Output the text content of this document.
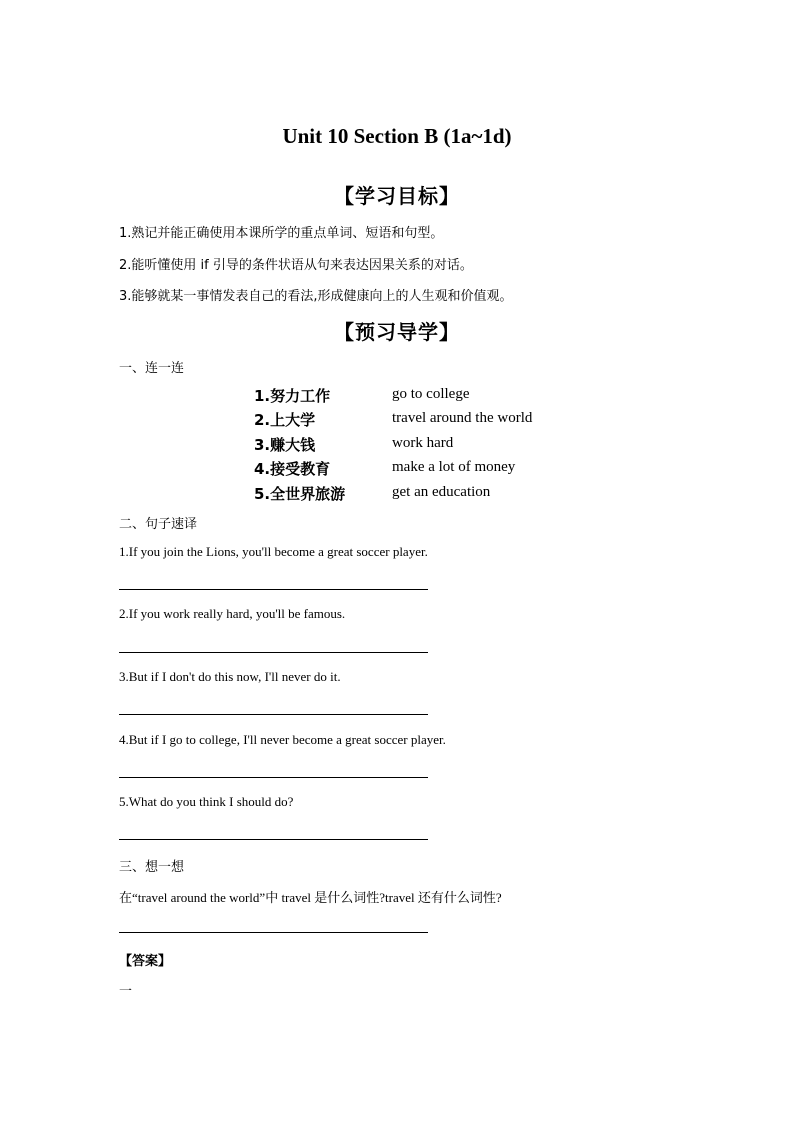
Unit 10 Section B (1a~1d)
【学习目标】
1.熟记并能正确使用本课所学的重点单词、短语和句型。
2.能听懂使用 if 引导的条件状语从句来表达因果关系的对话。
3.能够就某一事情发表自己的看法,形成健康向上的人生观和价值观。
【预习导学】
一、连一连
1.努力工作
2.上大学
3.赚大钱
4.接受教育
5.全世界旅游
go to college
travel around the world
work hard
make a lot of money
get an education
二、句子速译
1.If you join the Lions, you'll become a great soccer player.
2.If you work really hard, you'll be famous.
3.But if I don't do this now, I'll never do it.
4.But if I go to college, I'll never become a great soccer player.
5.What do you think I should do?
三、想一想
在“travel around the world”中 travel 是什么词性?travel 还有什么词性?
【答案】
一
